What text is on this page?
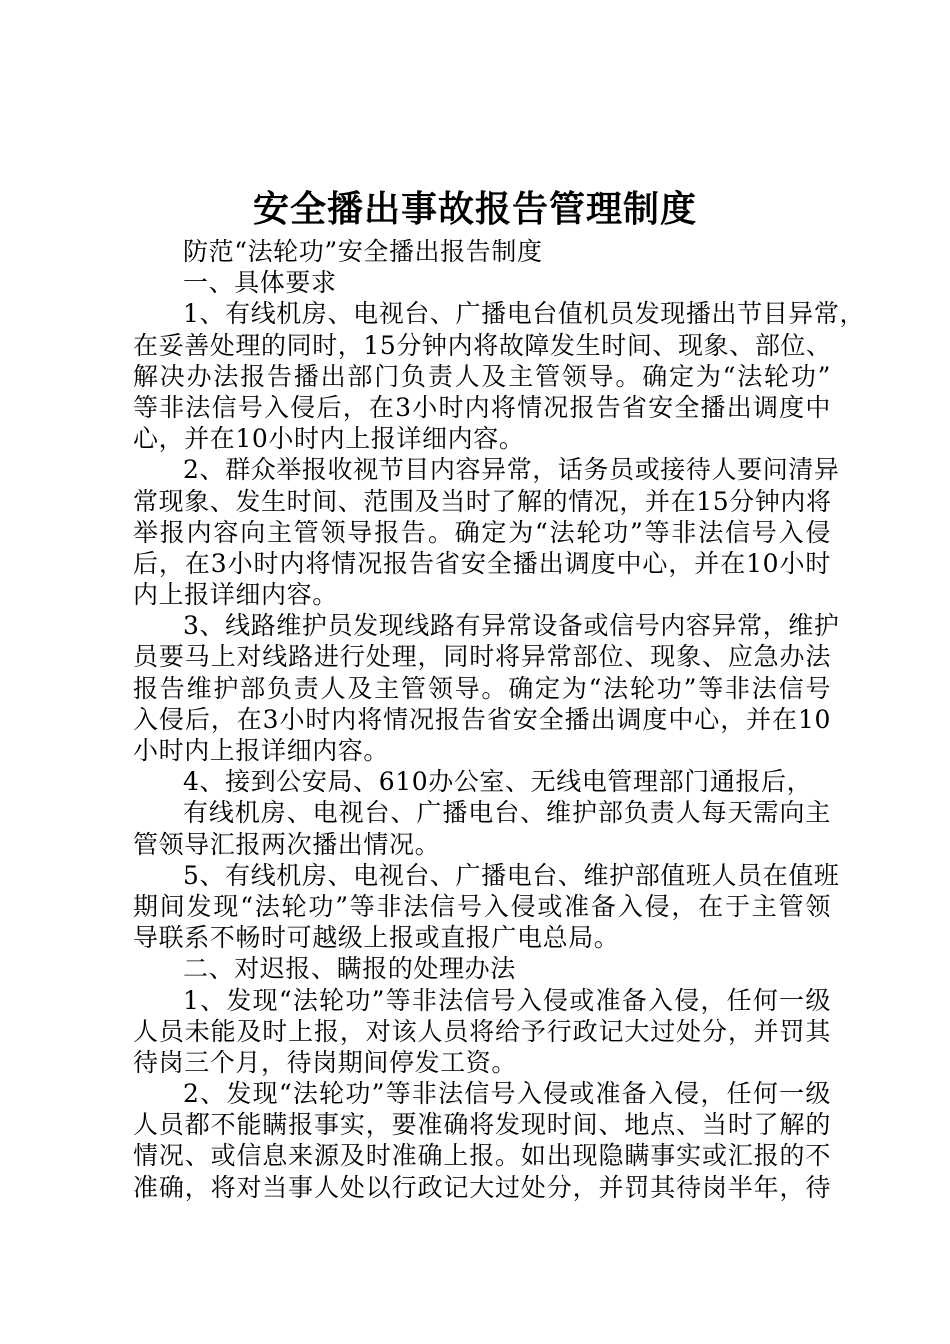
安全播出事故报告管理制度
防范“法轮功”安全播出报告制度
一、具体要求
1、有线机房、电视台、广播电台值机员发现播出节目异常，
在妥善处理的同时，15分钟内将故障发生时间、现象、部位、
解决办法报告播出部门负责人及主管领导。确定为“法轮功”
等非法信号入侵后，在3小时内将情况报告省安全播出调度中
心，并在10小时内上报详细内容。
2、群众举报收视节目内容异常，话务员或接待人要问清异
常现象、发生时间、范围及当时了解的情况，并在15分钟内将
举报内容向主管领导报告。确定为“法轮功”等非法信号入侵
后，在3小时内将情况报告省安全播出调度中心，并在10小时
内上报详细内容。
3、线路维护员发现线路有异常设备或信号内容异常，维护
员要马上对线路进行处理，同时将异常部位、现象、应急办法
报告维护部负责人及主管领导。确定为“法轮功”等非法信号
入侵后，在3小时内将情况报告省安全播出调度中心，并在10
小时内上报详细内容。
4、接到公安局、610办公室、无线电管理部门通报后，
有线机房、电视台、广播电台、维护部负责人每天需向主
管领导汇报两次播出情况。
5、有线机房、电视台、广播电台、维护部值班人员在值班
期间发现“法轮功”等非法信号入侵或准备入侵，在于主管领
导联系不畅时可越级上报或直报广电总局。
二、对迟报、瞒报的处理办法
1、发现“法轮功”等非法信号入侵或准备入侵，任何一级
人员未能及时上报，对该人员将给予行政记大过处分，并罚其
待岗三个月，待岗期间停发工资。
2、发现“法轮功”等非法信号入侵或准备入侵，任何一级
人员都不能瞒报事实，要准确将发现时间、地点、当时了解的
情况、或信息来源及时准确上报。如出现隐瞒事实或汇报的不
准确，将对当事人处以行政记大过处分，并罚其待岗半年，待
